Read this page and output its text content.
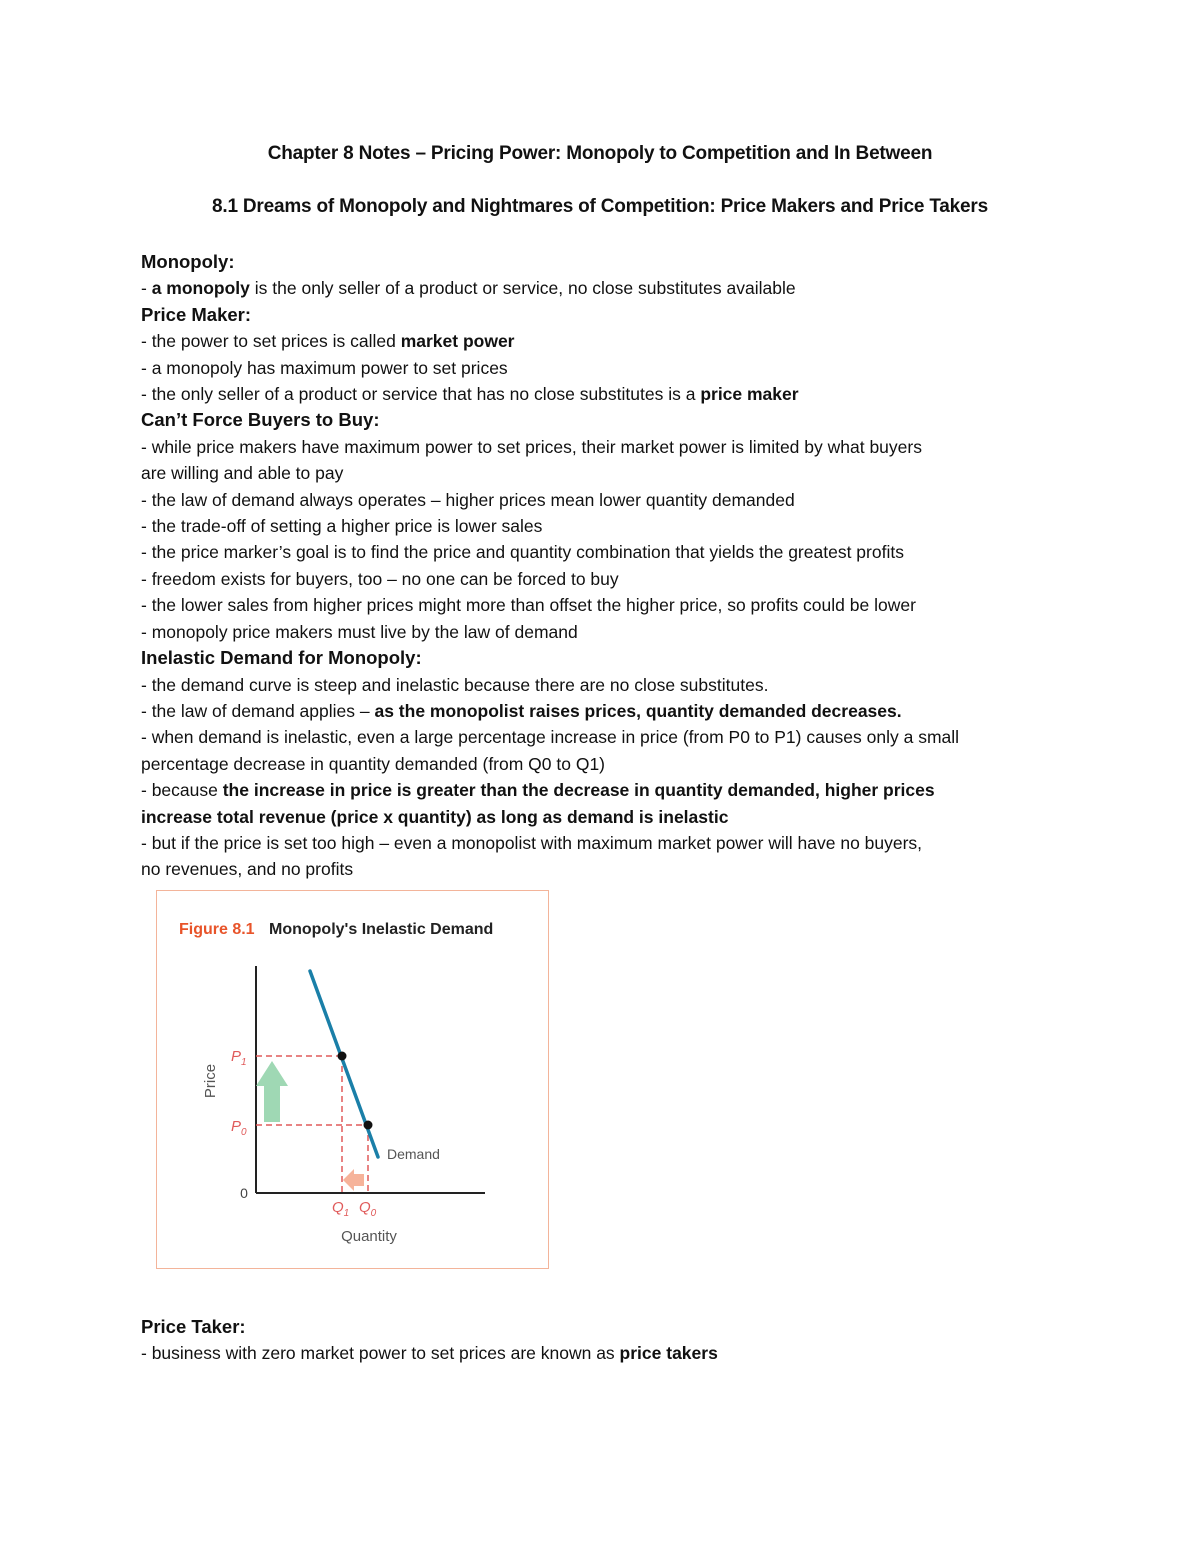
Chapter 8 Notes – Pricing Power: Monopoly to Competition and In Between
8.1 Dreams of Monopoly and Nightmares of Competition: Price Makers and Price Takers
Monopoly:
- a monopoly is the only seller of a product or service, no close substitutes available
Price Maker:
- the power to set prices is called market power
- a monopoly has maximum power to set prices
- the only seller of a product or service that has no close substitutes is a price maker
Can’t Force Buyers to Buy:
- while price makers have maximum power to set prices, their market power is limited by what buyers
are willing and able to pay
- the law of demand always operates – higher prices mean lower quantity demanded
- the trade-off of setting a higher price is lower sales
- the price marker’s goal is to find the price and quantity combination that yields the greatest profits
- freedom exists for buyers, too – no one can be forced to buy
- the lower sales from higher prices might more than offset the higher price, so profits could be lower
- monopoly price makers must live by the law of demand
Inelastic Demand for Monopoly:
- the demand curve is steep and inelastic because there are no close substitutes.
- the law of demand applies – as the monopolist raises prices, quantity demanded decreases.
- when demand is inelastic, even a large percentage increase in price (from P0 to P1) causes only a small
percentage decrease in quantity demanded (from Q0 to Q1)
- because the increase in price is greater than the decrease in quantity demanded, higher prices
increase total revenue (price x quantity) as long as demand is inelastic
- but if the price is set too high – even a monopolist with maximum market power will have no buyers,
no revenues, and no profits
Figure 8.1 Monopoly's Inelastic Demand
Price
Quantity
0
$P_1$
$P_0$
$Q_1$ $Q_0$
Demand
Price Taker:
- business with zero market power to set prices are known as price takers
